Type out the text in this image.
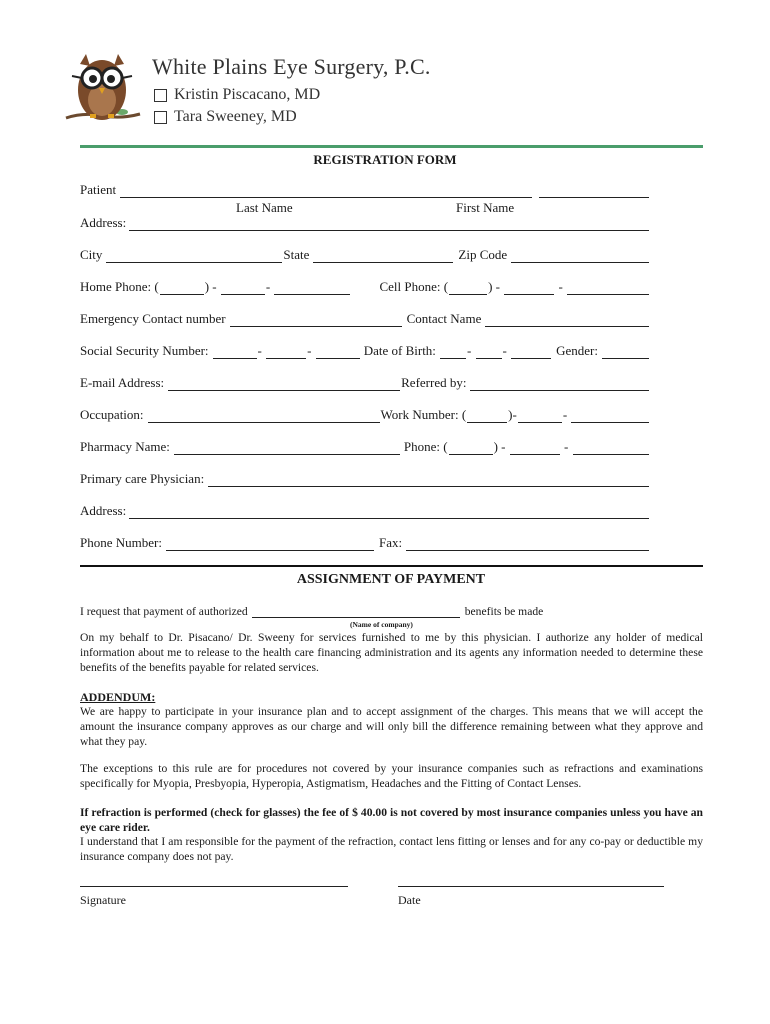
White Plains Eye Surgery, P.C.
Kristin Piscacano, MD
Tara Sweeney, MD
REGISTRATION FORM
Patient
Last Name	First Name
Address:
City	State	Zip Code
Home Phone: (	) -	-	Cell Phone: (	) -	-
Emergency Contact number	Contact Name
Social Security Number:	-	-	Date of Birth: - -	Gender:
E-mail Address:	Referred by:
Occupation:	Work Number: (	)-	-
Pharmacy Name:	Phone: (	) -	-
Primary care Physician:
Address:
Phone Number:	Fax:
ASSIGNMENT OF PAYMENT
I request that payment of authorized	benefits be made
(Name of company)
On my behalf to Dr. Pisacano/ Dr. Sweeny for services furnished to me by this physician. I authorize any holder of medical information about me to release to the health care financing administration and its agents any information needed to determine these benefits of the benefits payable for related services.
ADDENDUM:
We are happy to participate in your insurance plan and to accept assignment of the charges. This means that we will accept the amount the insurance company approves as our charge and will only bill the difference remaining between what they approve and what they pay.
The exceptions to this rule are for procedures not covered by your insurance companies such as refractions and examinations specifically for Myopia, Presbyopia, Hyperopia, Astigmatism, Headaches and the Fitting of Contact Lenses.
If refraction is performed (check for glasses) the fee of $ 40.00 is not covered by most insurance companies unless you have an eye care rider.
I understand that I am responsible for the payment of the refraction, contact lens fitting or lenses and for any co-pay or deductible my insurance company does not pay.
Signature	Date
